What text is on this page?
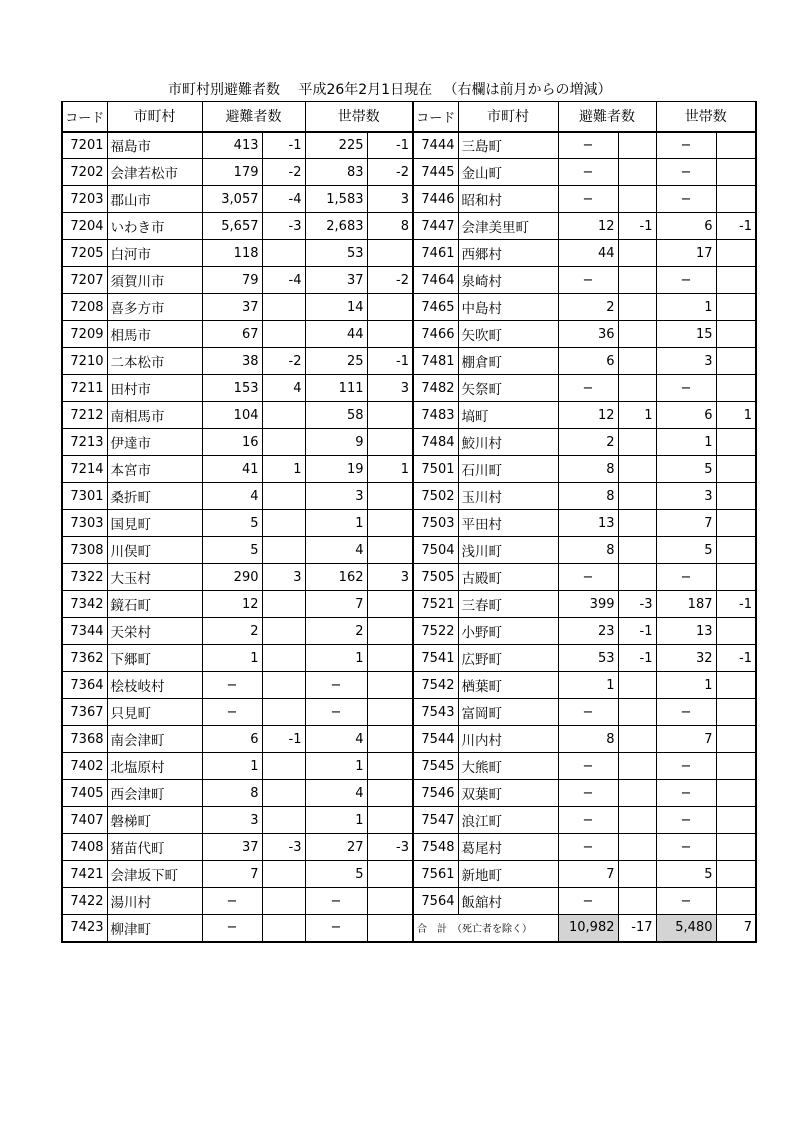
市町村別避難者数　 平成26年2月1日現在 　（右欄は前月からの増減）
コード	市町村	避難者数		世帯数		コード	市町村	避難者数		世帯数	
7201	福島市	413	-1	225	-1	7444	三島町	−		−	
7202	会津若松市	179	-2	83	-2	7445	金山町	−		−	
7203	郡山市	3,057	-4	1,583	3	7446	昭和村	−		−	
7204	いわき市	5,657	-3	2,683	8	7447	会津美里町	12	-1	6	-1
7205	白河市	118		53		7461	西郷村	44		17	
7207	須賀川市	79	-4	37	-2	7464	泉崎村	−		−	
7208	喜多方市	37		14		7465	中島村	2		1	
7209	相馬市	67		44		7466	矢吹町	36		15	
7210	二本松市	38	-2	25	-1	7481	棚倉町	6		3	
7211	田村市	153	4	111	3	7482	矢祭町	−		−	
7212	南相馬市	104		58		7483	塙町	12	1	6	1
7213	伊達市	16		9		7484	鮫川村	2		1	
7214	本宮市	41	1	19	1	7501	石川町	8		5	
7301	桑折町	4		3		7502	玉川村	8		3	
7303	国見町	5		1		7503	平田村	13		7	
7308	川俣町	5		4		7504	浅川町	8		5	
7322	大玉村	290	3	162	3	7505	古殿町	−		−	
7342	鏡石町	12		7		7521	三春町	399	-3	187	-1
7344	天栄村	2		2		7522	小野町	23	-1	13	
7362	下郷町	1		1		7541	広野町	53	-1	32	-1
7364	桧枝岐村	−		−		7542	楢葉町	1		1	
7367	只見町	−		−		7543	富岡町	−		−	
7368	南会津町	6	-1	4		7544	川内村	8		7	
7402	北塩原村	1		1		7545	大熊町	−		−	
7405	西会津町	8		4		7546	双葉町	−		−	
7407	磐梯町	3		1		7547	浪江町	−		−	
7408	猪苗代町	37	-3	27	-3	7548	葛尾村	−		−	
7421	会津坂下町	7		5		7561	新地町	7		5	
7422	湯川村	−		−		7564	飯舘村	−		−	
7423	柳津町	−		−		合　計　（死亡者を除く）		10,982	-17	5,480	7
